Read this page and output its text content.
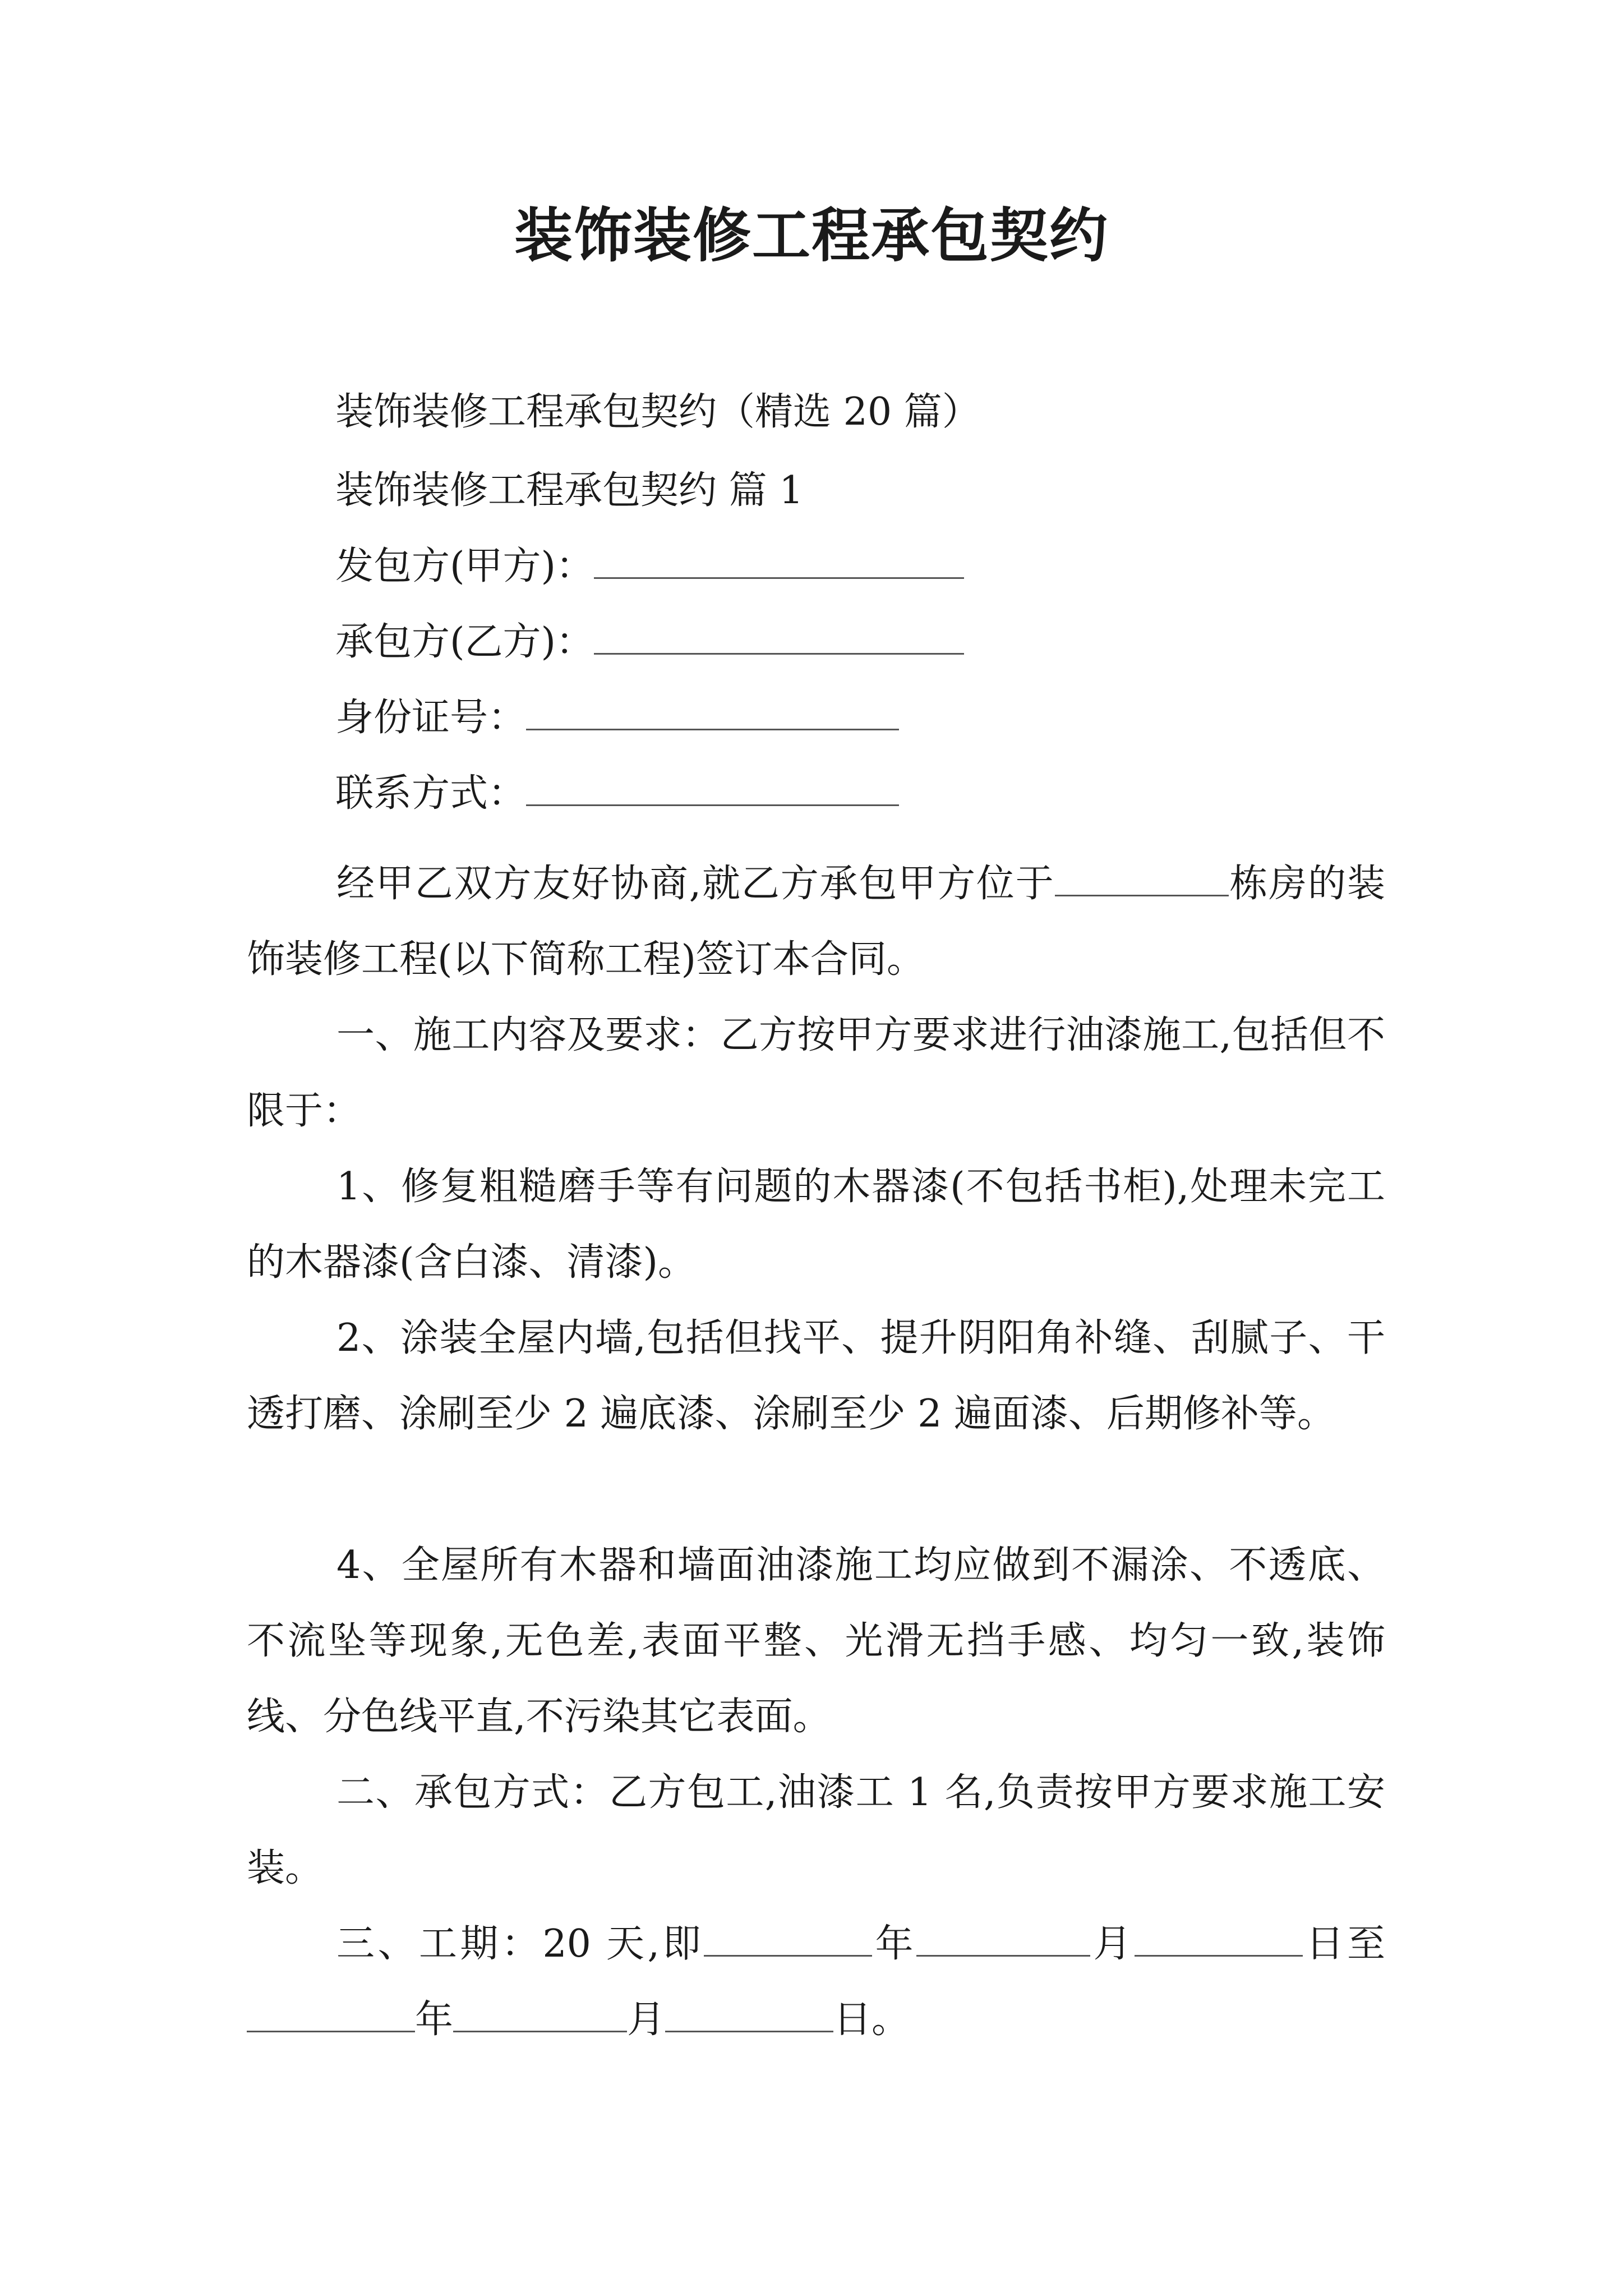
装饰装修工程承包契约

装饰装修工程承包契约（精选 20 篇）

装饰装修工程承包契约 篇 1

发包方(甲方)：
承包方(乙方)：
身份证号：
联系方式：

经甲乙双方友好协商,就乙方承包甲方位于	栋房的装饰装修工程(以下简称工程)签订本合同。

一、施工内容及要求：乙方按甲方要求进行油漆施工,包括但不限于：

1、修复粗糙磨手等有问题的木器漆(不包括书柜),处理未完工的木器漆(含白漆、清漆)。

2、涂装全屋内墙,包括但找平、提升阴阳角补缝、刮腻子、干透打磨、涂刷至少 2 遍底漆、涂刷至少 2 遍面漆、后期修补等。

4、全屋所有木器和墙面油漆施工均应做到不漏涂、不透底、不流坠等现象,无色差,表面平整、光滑无挡手感、均匀一致,装饰线、分色线平直,不污染其它表面。

二、承包方式：乙方包工,油漆工 1 名,负责按甲方要求施工安装。

三、工期：20 天,即	年	月	日至年	月	日。
